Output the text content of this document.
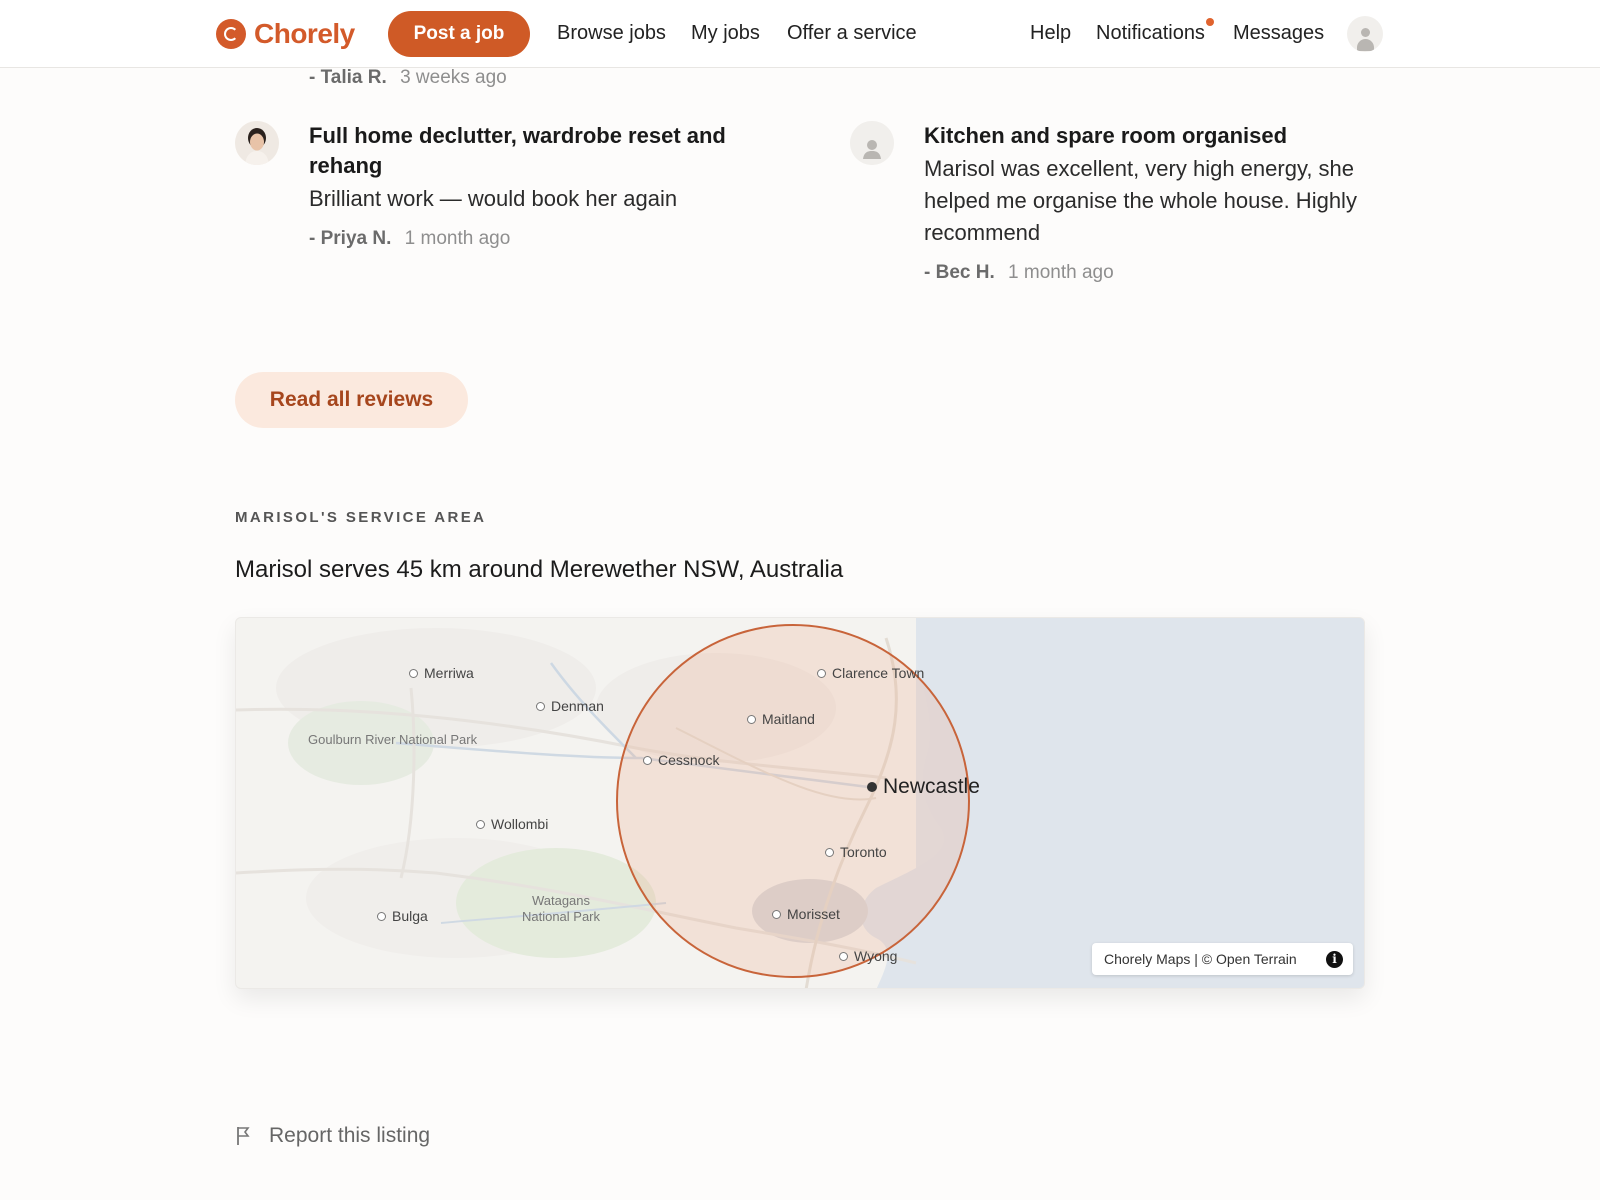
Chorely	Post a job	Browse jobs My jobs Offer a service	Help Notifications Messages
- Talia R. 3 weeks ago
Full home declutter, wardrobe reset and rehang
Brilliant work — would book her again
- Priya N. 1 month ago
Kitchen and spare room organised
Marisol was excellent, very high energy, she helped me organise the whole house. Highly recommend
- Bec H. 1 month ago
Read all reviews
MARISOL'S SERVICE AREA
Marisol serves 45 km around Merewether NSW, Australia
Goulburn River National Park
Watagans National Park
Merriwa
Denman
Cessnock
Wollombi
Bulga
Clarence Town
Maitland
Toronto
Morisset
Wyong
Newcastle
Chorely Maps | © Open Terrain	i
Report this listing
